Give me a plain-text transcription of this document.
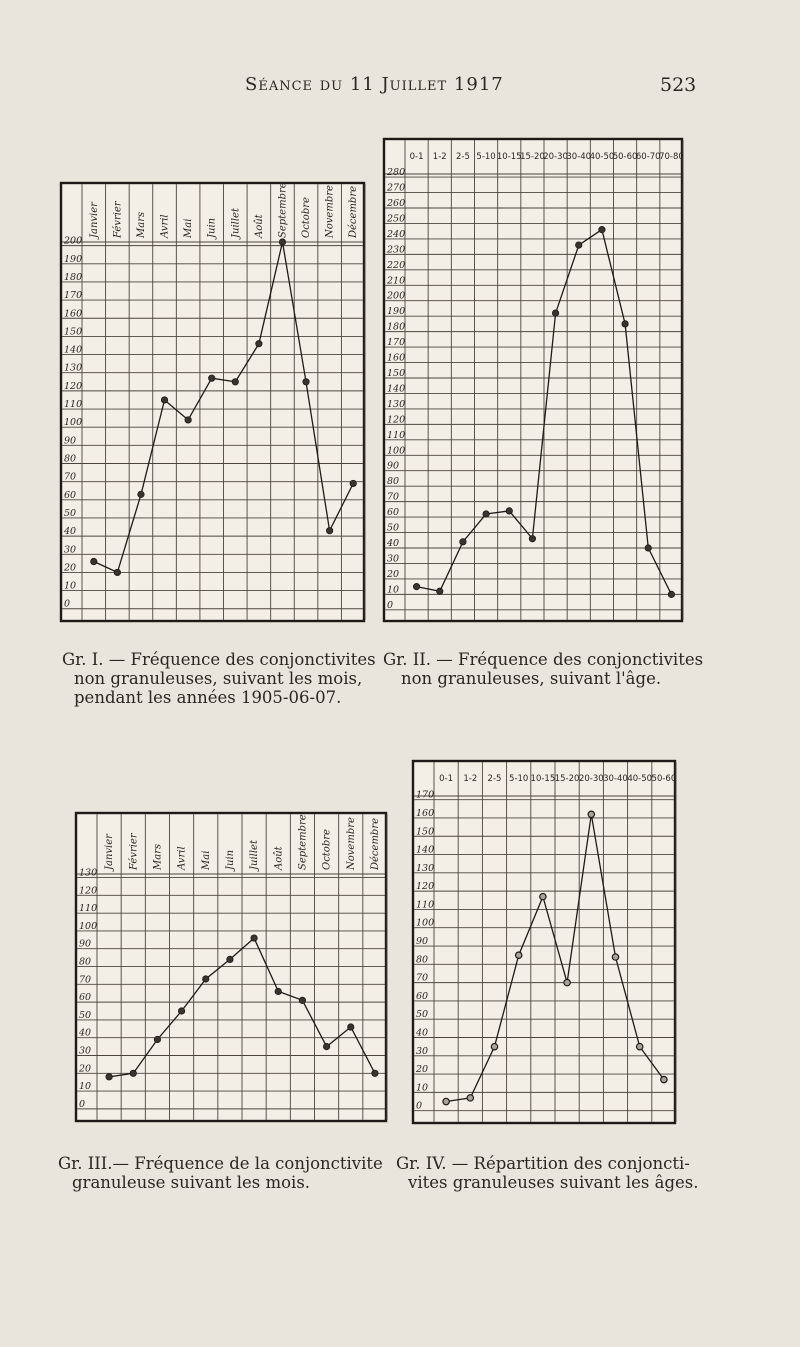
Séance du 11 Juillet 1917	523
0
10
20
30
40
50
60
70
80
90
100
110
120
130
140
150
160
170
180
190
200
Janvier Février Mars Avril Mai Juin Juillet Août Septembre Octobre Novembre Décembre
0
10
20
30
40
50
60
70
80
90
100
110
120
130
140
150
160
170
180
190
200
210
220
230
240
250
260
270
280
0-1 1-2 2-5 5-10 10-15
15-20
20-30
30-40
40-50
50-60
60-70
70-80
0
10
20
30
40
50
60
70
80
90
100
110
120
130
Janvier Février Mars Avril Mai Juin Juillet Août Septembre Octobre Novembre Décembre
0
10
20
30
40
50
60
70
80
90
100
110
120
130
140
150
160
170
0-1 1-2 2-5 5-10 10-15 15-20 20-30 30-40 40-50 50-60
Gr. I. — Fréquence des conjonctivites
non granuleuses, suivant les mois,
pendant les années 1905-06-07.
Gr. II. — Fréquence des conjonctivites
non granuleuses, suivant l'âge.
Gr. III.— Fréquence de la conjonctivite
granuleuse suivant les mois.
Gr. IV. — Répartition des conjoncti-
vites granuleuses suivant les âges.
